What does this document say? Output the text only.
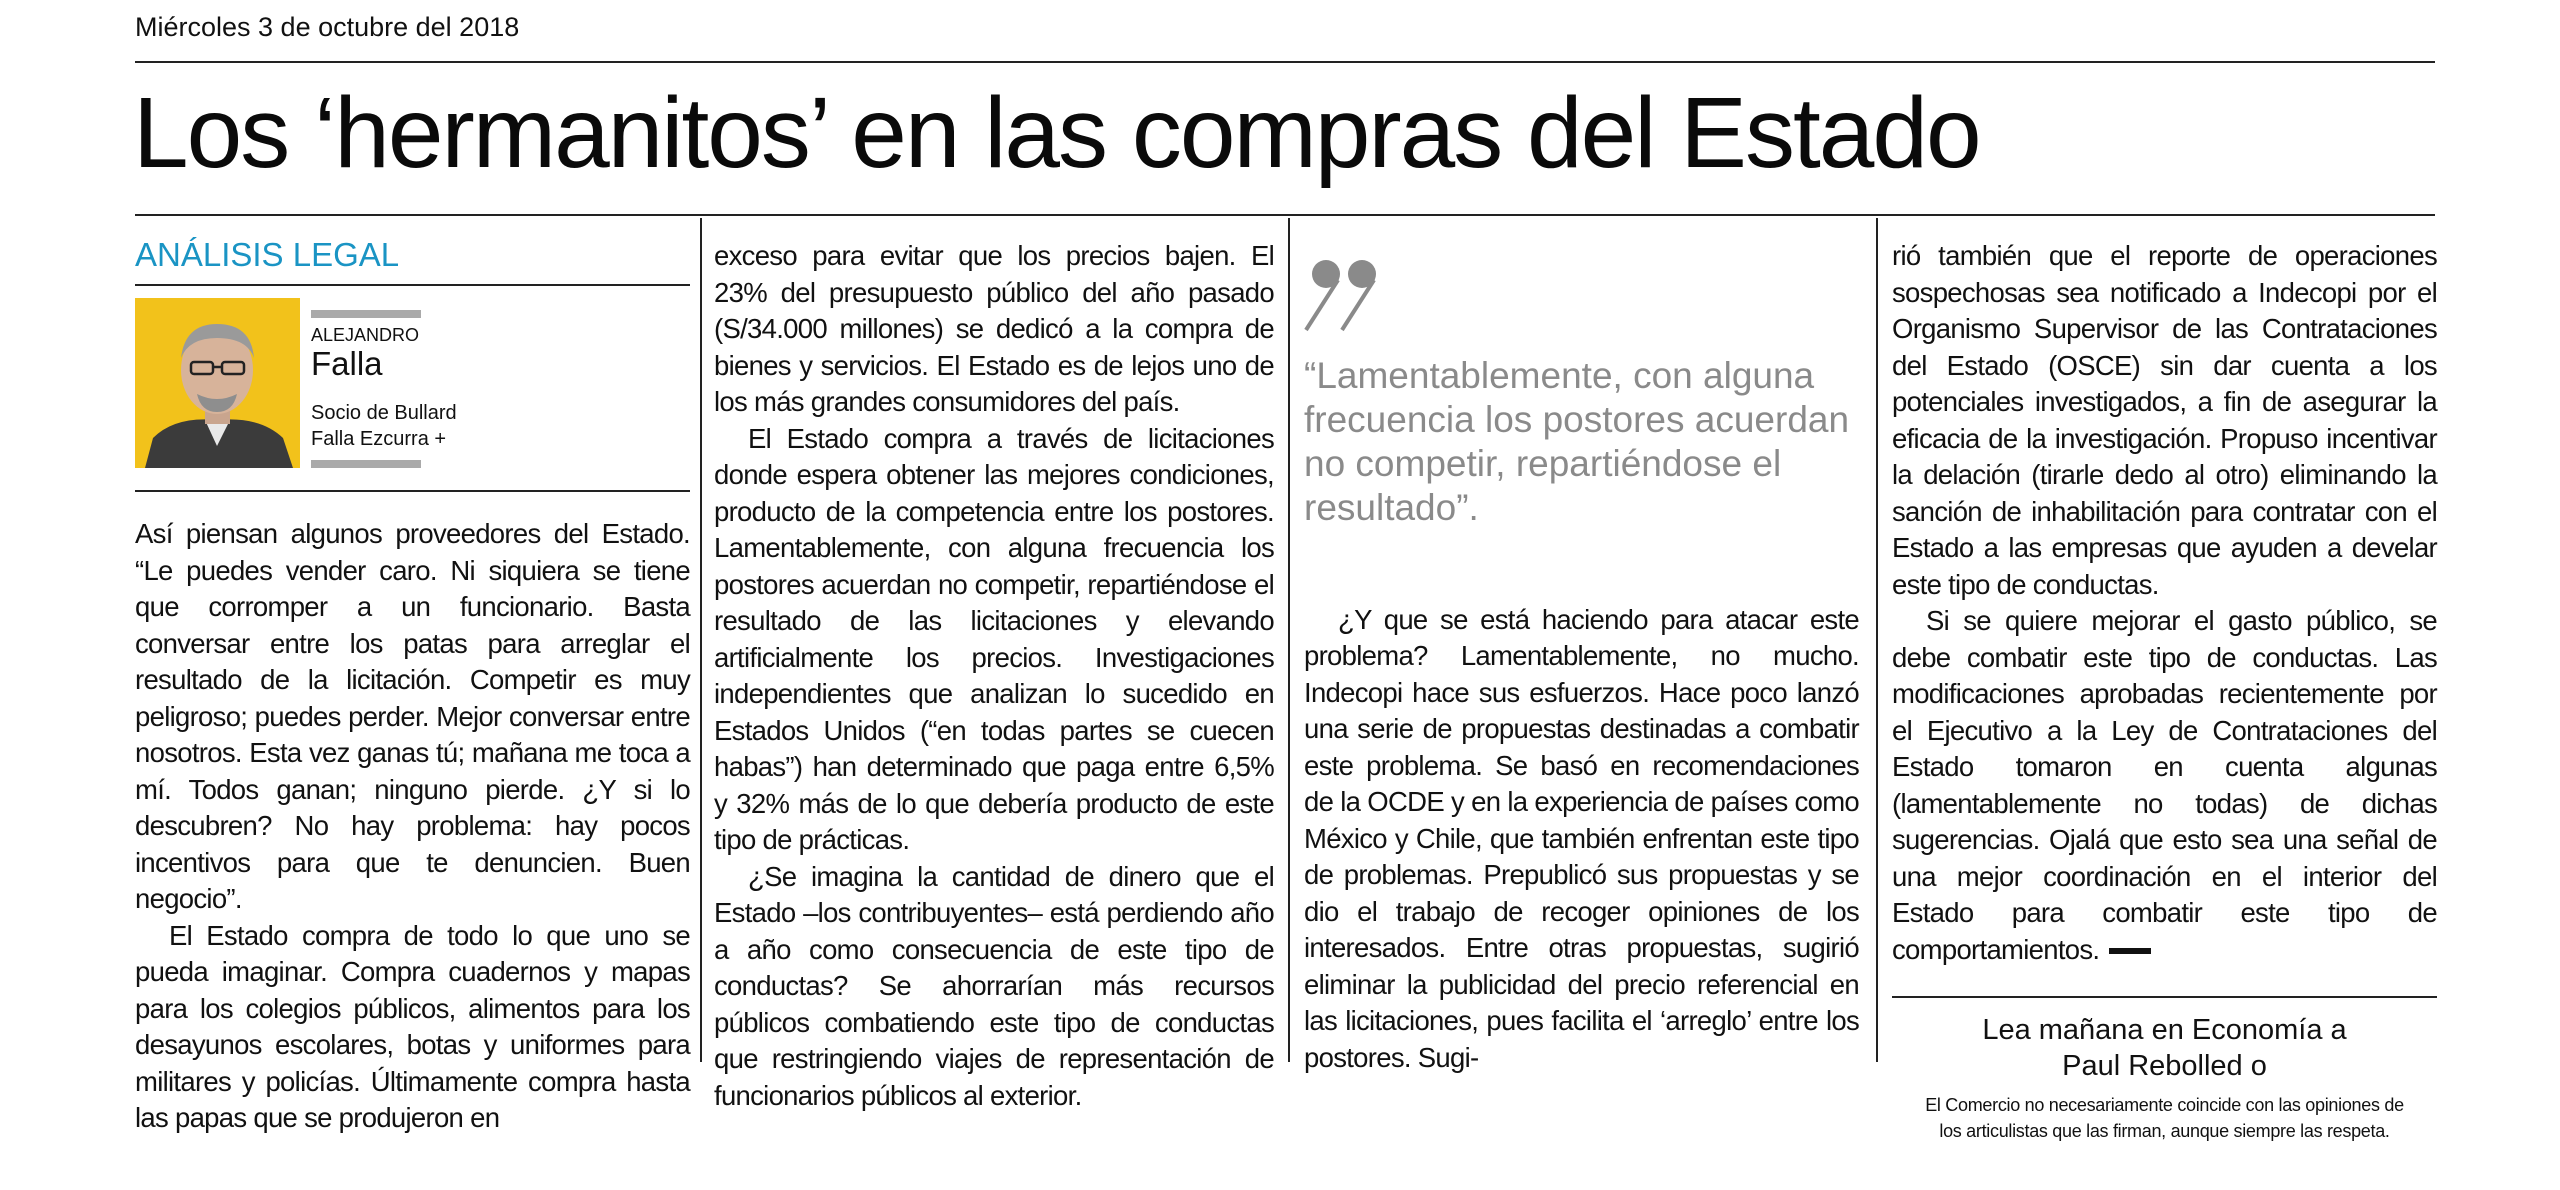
Miércoles 3 de octubre del 2018
Los ‘hermanitos’ en las compras del Estado
ANÁLISIS LEGAL
ALEJANDRO
Falla
Socio de Bullard
Falla Ezcurra +

Así piensan algunos proveedores del Estado. “Le puedes vender caro. Ni siquiera se tiene que corromper a un funcionario. Basta conversar entre los patas para arreglar el resultado de la licitación. Competir es muy peligroso; puedes perder. Mejor conversar entre nosotros. Esta vez ganas tú; mañana me toca a mí. Todos ganan; ninguno pierde. ¿Y si lo descubren? No hay problema: hay pocos incentivos para que te denuncien. Buen negocio”.

El Estado compra de todo lo que uno se pueda imaginar. Compra cuadernos y mapas para los colegios públicos, alimentos para los desayunos escolares, botas y uniformes para militares y policías. Últimamente compra hasta las papas que se produjeron en

exceso para evitar que los precios bajen. El 23% del presupuesto público del año pasado (S/34.000 millones) se dedicó a la compra de bienes y servicios. El Estado es de lejos uno de los más grandes consumidores del país.

El Estado compra a través de licitaciones donde espera obtener las mejores condiciones, producto de la competencia entre los postores. Lamentablemente, con alguna frecuencia los postores acuerdan no competir, repartiéndose el resultado de las licitaciones y elevando artificialmente los precios. Investigaciones independientes que analizan lo sucedido en Estados Unidos (“en todas partes se cuecen habas”) han determinado que paga entre 6,5% y 32% más de lo que debería producto de este tipo de prácticas.

¿Se imagina la cantidad de dinero que el Estado –los contribuyentes– está perdiendo año a año como consecuencia de este tipo de conductas? Se ahorrarían más recursos públicos combatiendo este tipo de conductas que restringiendo viajes de representación de funcionarios públicos al exterior.

“Lamentablemente, con alguna frecuencia los postores acuerdan no competir, repartiéndose el resultado”.

¿Y que se está haciendo para atacar este problema? Lamentablemente, no mucho. Indecopi hace sus esfuerzos. Hace poco lanzó una serie de propuestas destinadas a combatir este problema. Se basó en recomendaciones de la OCDE y en la experiencia de países como México y Chile, que también enfrentan este tipo de problemas. Prepublicó sus propuestas y se dio el trabajo de recoger opiniones de los interesados. Entre otras propuestas, sugirió eliminar la publicidad del precio referencial en las licitaciones, pues facilita el ‘arreglo’ entre los postores. Sugi-

rió también que el reporte de operaciones sospechosas sea notificado a Indecopi por el Organismo Supervisor de las Contrataciones del Estado (OSCE) sin dar cuenta a los potenciales investigados, a fin de asegurar la eficacia de la investigación. Propuso incentivar la delación (tirarle dedo al otro) eliminando la sanción de inhabilitación para contratar con el Estado a las empresas que ayuden a develar este tipo de conductas.

Si se quiere mejorar el gasto público, se debe combatir este tipo de conductas. Las modificaciones aprobadas recientemente por el Ejecutivo a la Ley de Contrataciones del Estado tomaron en cuenta algunas (lamentablemente no todas) de dichas sugerencias. Ojalá que esto sea una señal de una mejor coordinación en el interior del Estado para combatir este tipo de comportamientos.

Lea mañana en Economía a
Paul Rebolled o
El Comercio no necesariamente coincide con las opiniones de
los articulistas que las firman, aunque siempre las respeta.
